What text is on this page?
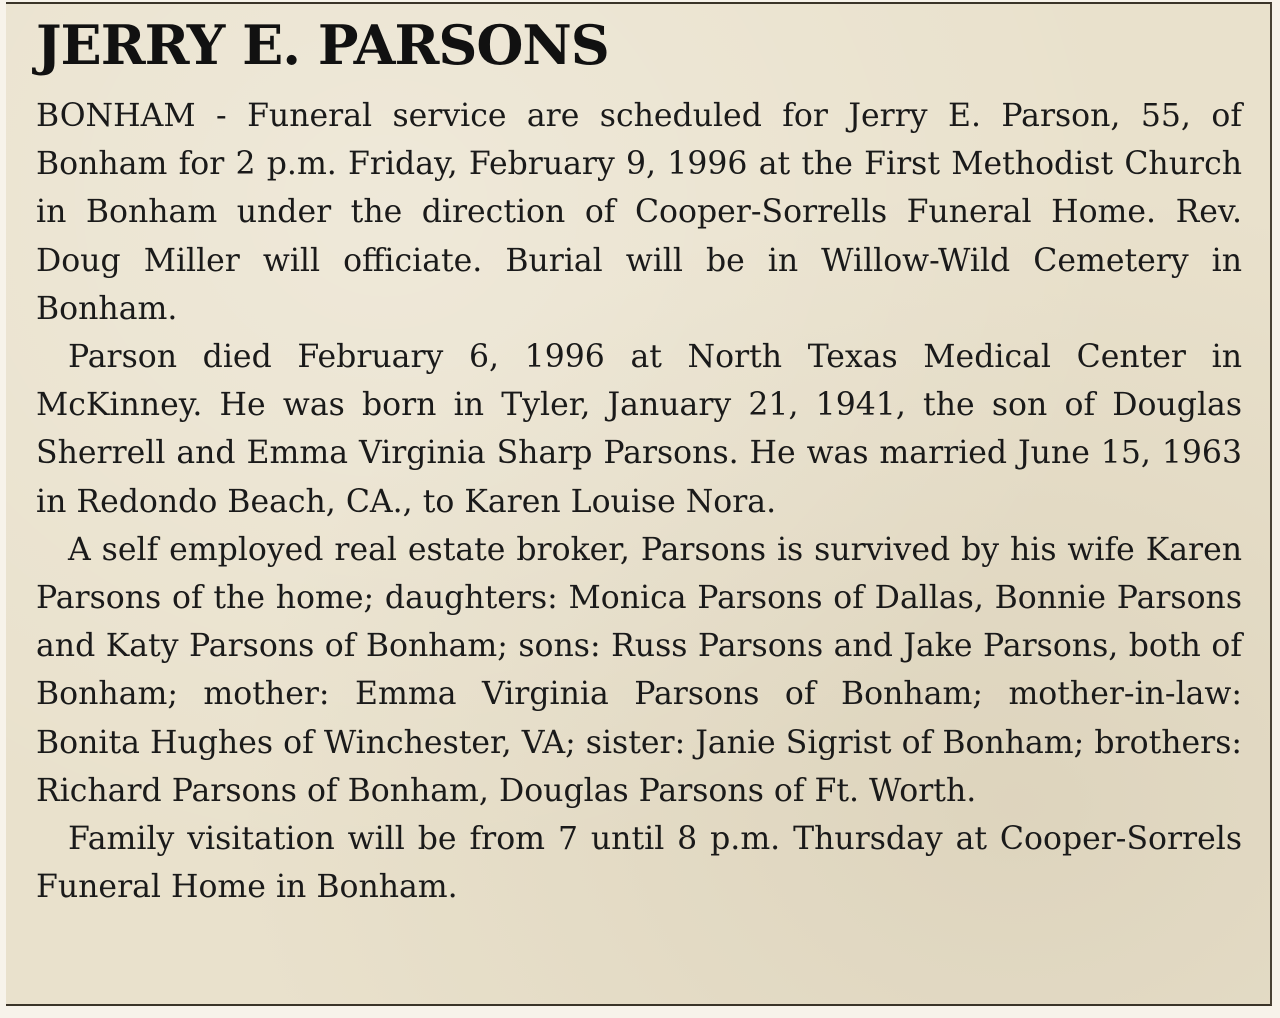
JERRY E. PARSONS

BONHAM - Funeral service are scheduled for Jerry E. Parson, 55, of Bonham for 2 p.m. Friday, February 9, 1996 at the First Methodist Church in Bonham under the direction of Cooper-Sorrells Funeral Home. Rev. Doug Miller will officiate. Burial will be in Willow-Wild Cemetery in Bonham.

Parson died February 6, 1996 at North Texas Medical Center in McKinney. He was born in Tyler, January 21, 1941, the son of Douglas Sherrell and Emma Virginia Sharp Parsons. He was married June 15, 1963 in Redondo Beach, CA., to Karen Louise Nora.

A self employed real estate broker, Parsons is survived by his wife Karen Parsons of the home; daughters: Monica Parsons of Dallas, Bonnie Parsons and Katy Parsons of Bonham; sons: Russ Parsons and Jake Parsons, both of Bonham; mother: Emma Virginia Parsons of Bonham; mother-in-law: Bonita Hughes of Winchester, VA; sister: Janie Sigrist of Bonham; brothers: Richard Parsons of Bonham, Douglas Parsons of Ft. Worth.

Family visitation will be from 7 until 8 p.m. Thursday at Cooper-Sorrels Funeral Home in Bonham.
